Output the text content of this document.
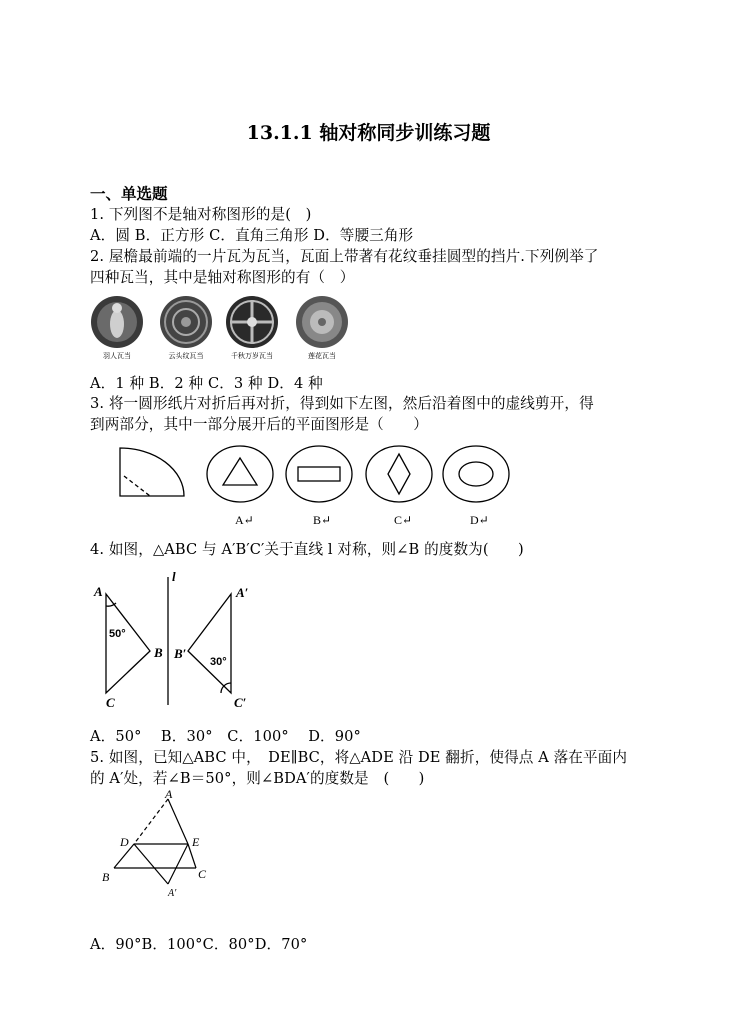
13.1.1 轴对称同步训练习题
一、单选题
1. 下列图不是轴对称图形的是(　)
A．圆 B．正方形 C．直角三角形 D．等腰三角形
2. 屋檐最前端的一片瓦为瓦当，瓦面上带著有花纹垂挂圆型的挡片.下列例举了
四种瓦当，其中是轴对称图形的有（　）
羽人瓦当	云头纹瓦当	千秋万岁瓦当	莲花瓦当
A．1 种 B．2 种 C．3 种 D．4 种
3. 将一圆形纸片对折后再对折，得到如下左图，然后沿着图中的虚线剪开，得
到两部分，其中一部分展开后的平面图形是（　　）
A↵	B↵	C↵	D↵
4. 如图，△ABC 与 A′B′C′关于直线 l 对称，则∠B 的度数为(　　)
A
B
C
l
A′
B′
C′
50°
30°
A．50°　 B．30°　C．100°　 D．90°
5. 如图，已知△ABC 中，　DE∥BC，将△ADE 沿 DE 翻折，使得点 A 落在平面内
的 A′处，若∠B＝50°，则∠BDA′的度数是　(　　)
A
D	E
B	C
A′
A．90°B．100°C．80°D．70°
